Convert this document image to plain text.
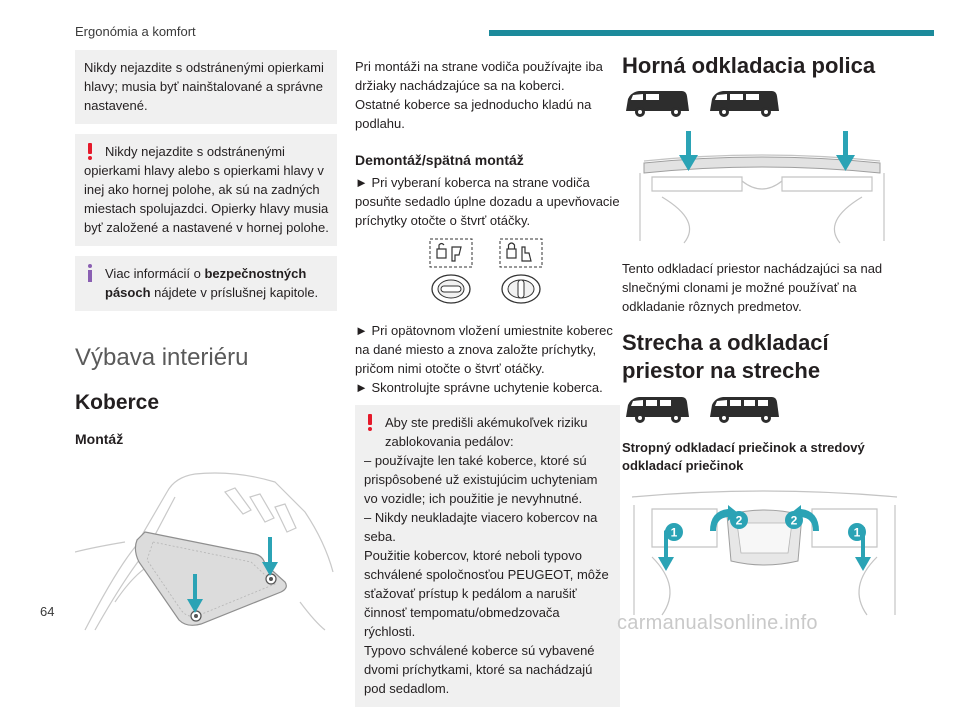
Ergonómia a komfort
Nikdy nejazdite s odstránenými opierkami hlavy; musia byť nainštalované a správne nastavené.
Nikdy nejazdite s odstránenými opierkami hlavy alebo s opierkami hlavy v inej ako hornej polohe, ak sú na zadných miestach spolujazdci. Opierky hlavy musia byť založené a nastavené v hornej polohe.
Viac informácií o bezpečnostných pásoch nájdete v príslušnej kapitole.
Výbava interiéru
Koberce
Montáž

Pri montáži na strane vodiča používajte iba držiaky nachádzajúce sa na koberci.

Ostatné koberce sa jednoducho kladú na podlahu.

Demontáž/spätná montáž

► Pri vyberaní koberca na strane vodiča posuňte sedadlo úplne dozadu a upevňovacie príchytky otočte o štvrť otáčky.

► Pri opätovnom vložení umiestnite koberec na dané miesto a znova založte príchytky, pričom nimi otočte o štvrť otáčky.

► Skontrolujte správne uchytenie koberca.

Aby ste predišli akémukoľvek riziku zablokovania pedálov:
– používajte len také koberce, ktoré sú prispôsobené už existujúcim uchyteniam vo vozidle; ich použitie je nevyhnutné.
– Nikdy neukladajte viacero kobercov na seba.
Použitie kobercov, ktoré neboli typovo schválené spoločnosťou PEUGEOT, môže sťažovať prístup k pedálom a narušiť činnosť tempomatu/obmedzovača rýchlosti.
Typovo schválené koberce sú vybavené dvomi príchytkami, ktoré sa nachádzajú pod sedadlom.
Horná odkladacia polica

Tento odkladací priestor nachádzajúci sa nad slnečnými clonami je možné používať na odkladanie rôznych predmetov.

Strecha a odkladací priestor na streche
Stropný odkladací priečinok a stredový odkladací priečinok
1
2	2
1
64
carmanualsonline.info
